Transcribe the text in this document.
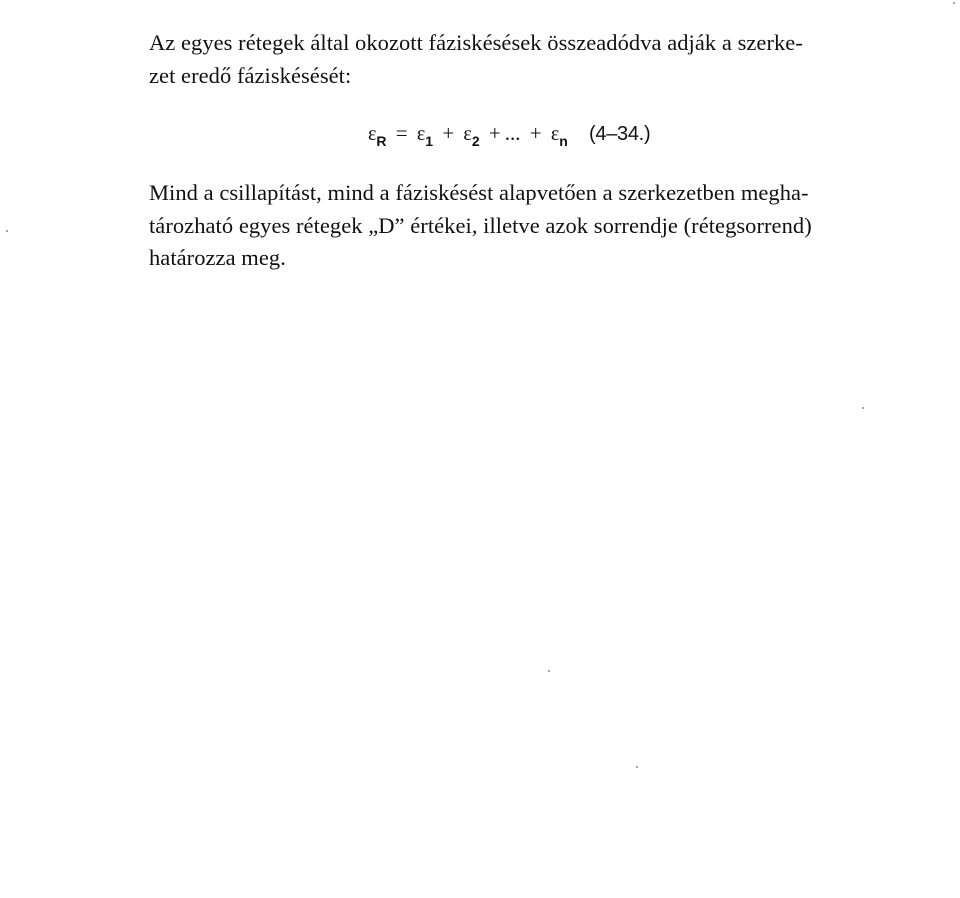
Az egyes rétegek által okozott fáziskésések összeadódva adják a szerke-
zet eredő fáziskésését:
$\varepsilon_R = \varepsilon_1 + \varepsilon_2$ + ... + $\varepsilon_n$ (4–34.)
Mind a csillapítást, mind a fáziskésést alapvetően a szerkezetben megha-
tározható egyes rétegek „D” értékei, illetve azok sorrendje (rétegsorrend)
határozza meg.
